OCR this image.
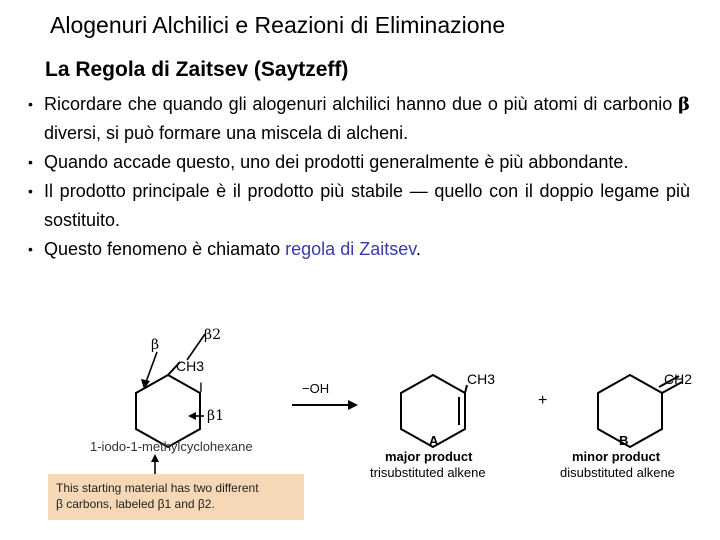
Alogenuri Alchilici e Reazioni di Eliminazione
La Regola di Zaitsev (Saytzeff)
• Ricordare che quando gli alogenuri alchilici hanno due o più atomi di carbonio β diversi, si può formare una miscela di alcheni.
• Quando accade questo, uno dei prodotti generalmente è più abbondante.
• Il prodotto principale è il prodotto più stabile — quello con il doppio legame più sostituito.
• Questo fenomeno è chiamato regola di Zaitsev.
CH3
I
β
β2
β1
1-iodo-1-methylcyclohexane
−OH
CH3
A
major product
trisubstituted alkene
+
CH2
B
minor product
disubstituted alkene
This starting material has two different
β carbons, labeled β1 and β2.
